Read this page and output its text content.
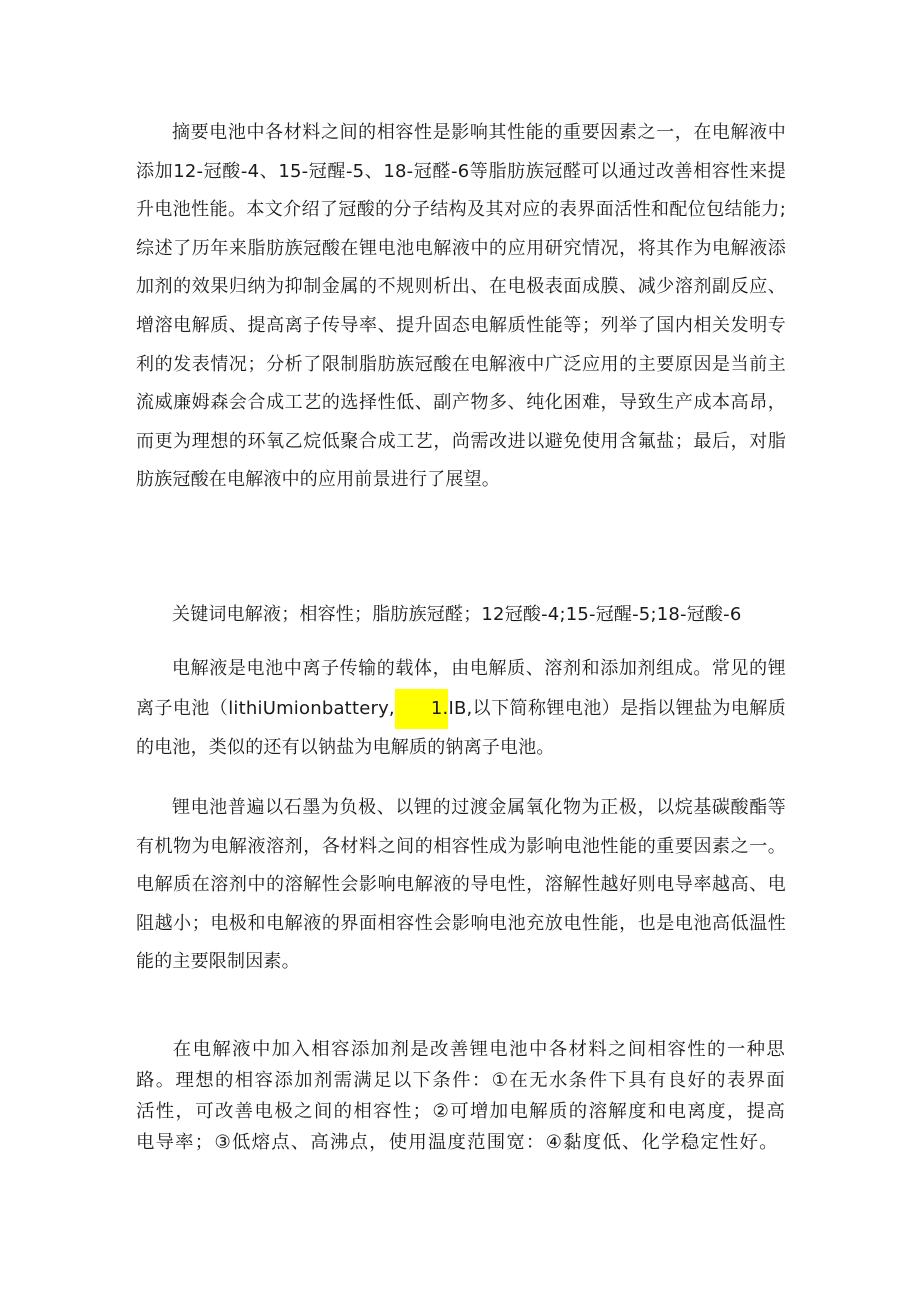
摘要电池中各材料之间的相容性是影响其性能的重要因素之一，在电解液中添加12-冠酸-4、15-冠醒-5、18-冠醛-6等脂肪族冠醛可以通过改善相容性来提升电池性能。本文介绍了冠酸的分子结构及其对应的表界面活性和配位包结能力;综述了历年来脂肪族冠酸在锂电池电解液中的应用研究情况，将其作为电解液添加剂的效果归纳为抑制金属的不规则析出、在电极表面成膜、减少溶剂副反应、增溶电解质、提高离子传导率、提升固态电解质性能等；列举了国内相关发明专利的发表情况；分析了限制脂肪族冠酸在电解液中广泛应用的主要原因是当前主流威廉姆森会合成工艺的选择性低、副产物多、纯化困难，导致生产成本高昂，而更为理想的环氧乙烷低聚合成工艺，尚需改进以避免使用含氟盐；最后，对脂肪族冠酸在电解液中的应用前景进行了展望。

关键词电解液；相容性；脂肪族冠醛；12冠酸-4;15-冠醒-5;18-冠酸-6

电解液是电池中离子传输的载体，由电解质、溶剂和添加剂组成。常见的锂离子电池（lithiUmionbattery, 1.IB,以下简称锂电池）是指以锂盐为电解质的电池，类似的还有以钠盐为电解质的钠离子电池。

锂电池普遍以石墨为负极、以锂的过渡金属氧化物为正极，以烷基碳酸酯等有机物为电解液溶剂，各材料之间的相容性成为影响电池性能的重要因素之一。电解质在溶剂中的溶解性会影响电解液的导电性，溶解性越好则电导率越高、电阻越小；电极和电解液的界面相容性会影响电池充放电性能，也是电池高低温性能的主要限制因素。

在电解液中加入相容添加剂是改善锂电池中各材料之间相容性的一种思路。理想的相容添加剂需满足以下条件：①在无水条件下具有良好的表界面活性，可改善电极之间的相容性；②可增加电解质的溶解度和电离度，提高电导率；③低熔点、高沸点，使用温度范围宽：④黏度低、化学稳定性好。
